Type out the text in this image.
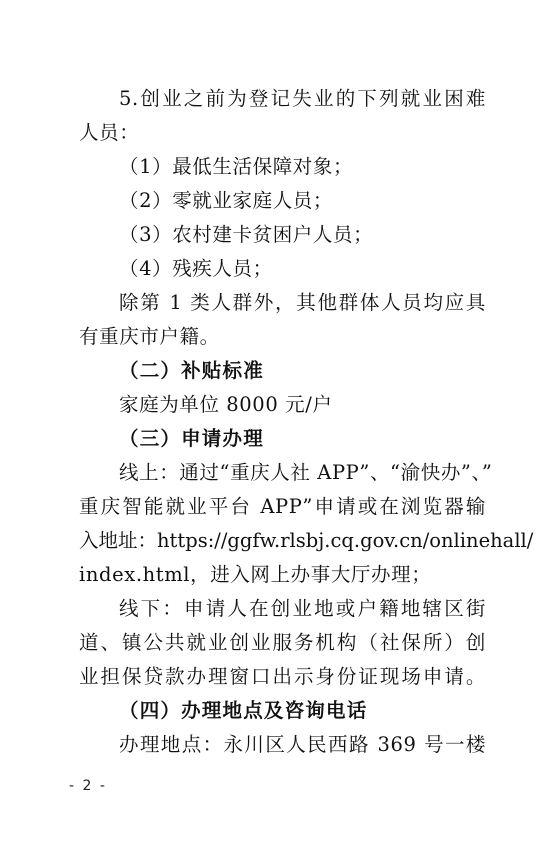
5.创业之前为登记失业的下列就业困难
人员：
（1）最低生活保障对象；
（2）零就业家庭人员；
（3）农村建卡贫困户人员；
（4）残疾人员；
除第 1 类人群外，其他群体人员均应具
有重庆市户籍。
（二）补贴标准
家庭为单位 8000 元/户
（三）申请办理
线上：通过“重庆人社 APP”、“渝快办”、”
重庆智能就业平台 APP”申请或在浏览器输
入地址：https://ggfw.rlsbj.cq.gov.cn/onlinehall/
index.html，进入网上办事大厅办理；
线下：申请人在创业地或户籍地辖区街
道、镇公共就业创业服务机构（社保所）创
业担保贷款办理窗口出示身份证现场申请。
（四）办理地点及咨询电话
办理地点：永川区人民西路 369 号一楼
- 2 -
